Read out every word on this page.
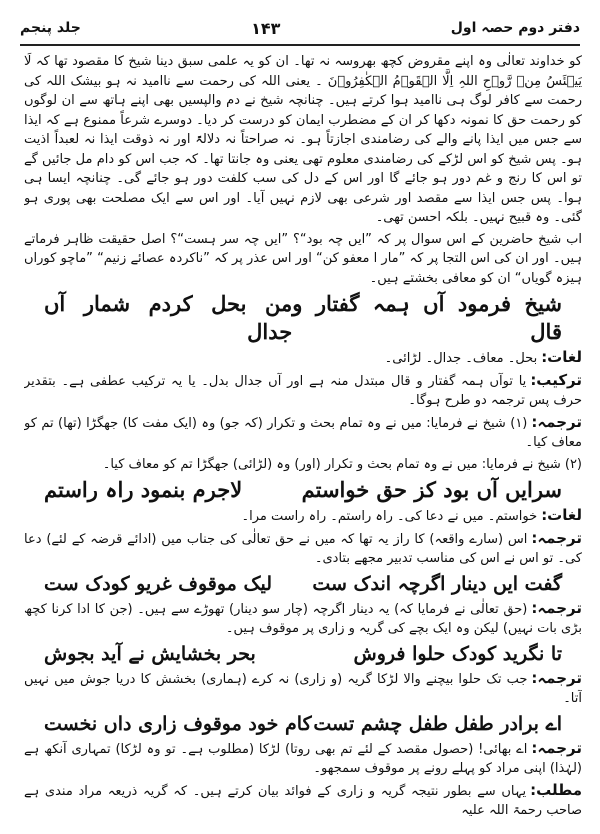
دفتر دوم حصہ اول
۱۴۳
جلد پنجم

کو خداوند تعالٰی وہ اپنے مقروض کچھ بھروسہ نہ تھا۔ ان کو یہ علمی سبق دینا شیخ کا مقصود تھا کہ لَا یَیۡئَسُ مِنۡ رَّوۡحِ اللہِ اِلَّا الۡقَوۡمُ الۡکٰفِرُوۡنَ ۔ یعنی اللہ کی رحمت سے ناامید نہ ہو بیشک اللہ کی رحمت سے کافر لوگ ہی ناامید ہوا کرتے ہیں۔ چنانچہ شیخ نے دم والپسیں بھی اپنے ہاتھ سے ان لوگوں کو رحمت حق کا نمونہ دکھا کر ان کے مضطرب ایمان کو درست کر دیا۔ دوسرے شرعاً ممنوع ہے کہ ایذا سے جس میں ایذا پانے والے کی رضامندی اجازتاً ہو۔ نہ صراحتاً نہ دلالۃً اور نہ ذوقت ایذا نہ لعبداً اذیت ہو۔ پس شیخ کو اس لڑکے کی رضامندی معلوم تھی یعنی وہ جانتا تھا۔ کہ جب اس کو دام مل جائیں گے تو اس کا رنج و غم دور ہو جائے گا اور اس کے دل کی سب کلفت دور ہو جائے گی۔ چنانچہ ایسا ہی ہوا۔ پس جس ایذا سے مقصد اور شرعی بھی لازم نہیں آیا۔ اور اس سے ایک مصلحت بھی پوری ہو گئی۔ وہ قبیح نہیں۔ بلکہ احسن تھی۔

اب شیخ حاضرین کے اس سوال پر کہ ”ایں چہ بود“؟ ”ایں چہ سر ہست“؟ اصل حقیقت ظاہر فرماتے ہیں۔ اور ان کی اس التجا پر کہ ”مار ا معفو کن“ اور اس عذر پر کہ ”ناکردہ عصائے زنیم“ ”ماچو کوراں ہیزہ گویاں“ ان کو معافی بخشتے ہیں۔

شیخ فرمود آں ہمہ گفتار و قال
من بحل کردم شمار آں جدال

لغات:بحل۔ معاف۔ جدال۔ لڑائی۔

ترکیب:یا توآں ہمہ گفتار و قال مبتدل منہ ہے اور آں جدال بدل۔ یا یہ ترکیب عطفی ہے۔ بتقدیر حرف پس ترجمہ دو طرح ہوگا۔

ترجمہ:(۱) شیخ نے فرمایا: میں نے وہ تمام بحث و تکرار (کہ جو) وہ (ایک مفت کا) جھگڑا (تھا) تم کو معاف کیا۔

(۲) شیخ نے فرمایا: میں نے وہ تمام بحث و تکرار (اور) وہ (لڑائی) جھگڑا تم کو معاف کیا۔

سرایں آں بود کز حق خواستم
لاجرم بنمود راہ راستم

لغات:خواستم۔ میں نے دعا کی۔ راہ راستم۔ راہ راست مرا۔

ترجمہ:اس (سارے واقعہ) کا راز یہ تھا کہ میں نے حق تعالٰی کی جناب میں (ادائے قرضہ کے لئے) دعا کی۔ تو اس نے اس کی مناسب تدبیر مجھے بتادی۔

گفت ایں دینار اگرچہ اندک ست
لیک موقوف غریو کودک ست

ترجمہ:(حق تعالٰی نے فرمایا کہ) یہ دینار اگرچہ (چار سو دینار) تھوڑے سے ہیں۔ (جن کا ادا کرنا کچھ بڑی بات نہیں) لیکن وہ ایک بچے کی گریہ و زاری پر موقوف ہیں۔

تا نگرید کودک حلوا فروش
بحر بخشایش نے آید بجوش

ترجمہ:جب تک حلوا بیچنے والا لڑکا گریہ (و زاری) نہ کرے (ہماری) بخشش کا دریا جوش میں نہیں آتا۔

اے برادر طفل طفل چشم تست
کام خود موقوف زاری داں نخست

ترجمہ:اے بھائی! (حصول مقصد کے لئے تم بھی روتا) لڑکا (مطلوب ہے۔ تو وہ لڑکا) تمہاری آنکھ ہے (لہٰذا) اپنی مراد کو پہلے رونے پر موقوف سمجھو۔

مطلب:یہاں سے بطور نتیجہ گریہ و زاری کے فوائد بیان کرتے ہیں۔ کہ گریہ ذریعہ مراد مندی ہے صاحب رحمۃ اللہ علیہ
